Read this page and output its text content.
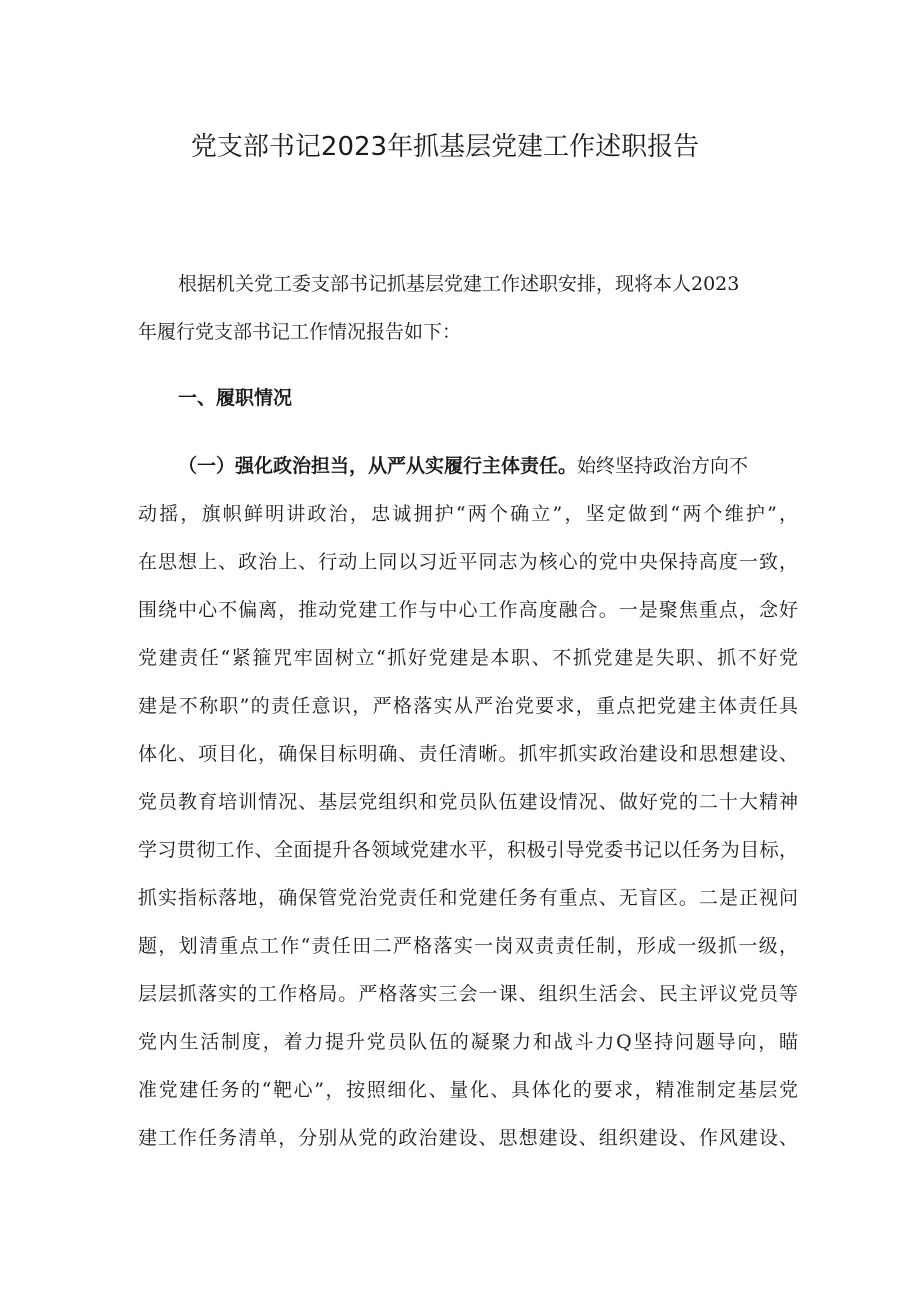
党支部书记2023年抓基层党建工作述职报告

根据机关党工委支部书记抓基层党建工作述职安排，现将本人2023

年履行党支部书记工作情况报告如下：

一、履职情况

（一）强化政治担当，从严从实履行主体责任。始终坚持政治方向不

动摇，旗帜鲜明讲政治，忠诚拥护“两个确立”，坚定做到“两个维护”，

在思想上、政治上、行动上同以习近平同志为核心的党中央保持高度一致，

围绕中心不偏离，推动党建工作与中心工作高度融合。一是聚焦重点，念好

党建责任“紧箍咒牢固树立“抓好党建是本职、不抓党建是失职、抓不好党

建是不称职”的责任意识，严格落实从严治党要求，重点把党建主体责任具

体化、项目化，确保目标明确、责任清晰。抓牢抓实政治建设和思想建设、

党员教育培训情况、基层党组织和党员队伍建设情况、做好党的二十大精神

学习贯彻工作、全面提升各领域党建水平，积极引导党委书记以任务为目标，

抓实指标落地，确保管党治党责任和党建任务有重点、无盲区。二是正视问

题，划清重点工作“责任田二严格落实一岗双责责任制，形成一级抓一级，

层层抓落实的工作格局。严格落实三会一课、组织生活会、民主评议党员等

党内生活制度，着力提升党员队伍的凝聚力和战斗力Q坚持问题导向，瞄

准党建任务的“靶心”，按照细化、量化、具体化的要求，精准制定基层党

建工作任务清单，分别从党的政治建设、思想建设、组织建设、作风建设、
